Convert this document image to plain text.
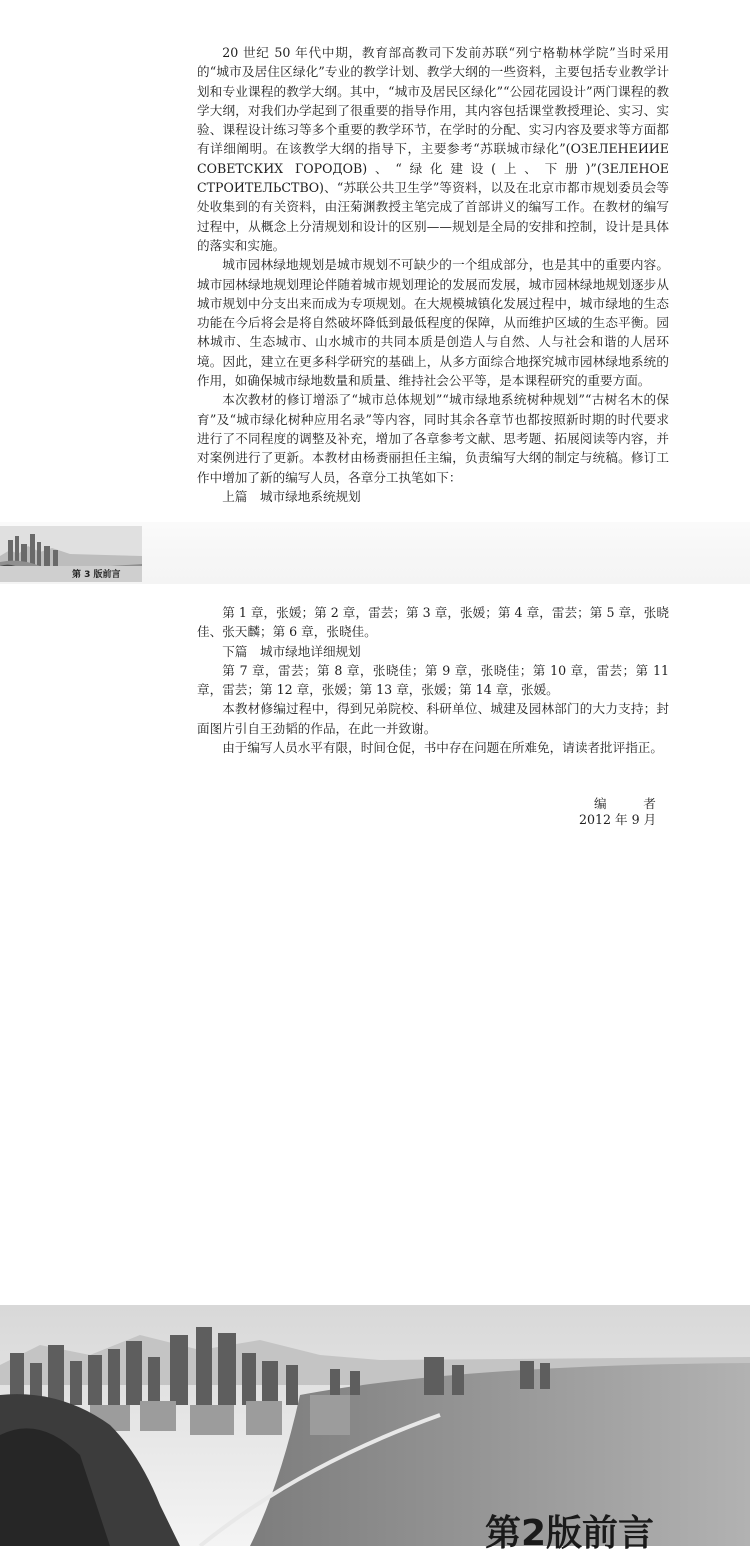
20 世纪 50 年代中期，教育部高教司下发前苏联“列宁格勒林学院”当时采用的“城市及居住区绿化”专业的教学计划、教学大纲的一些资料，主要包括专业教学计划和专业课程的教学大纲。其中，“城市及居民区绿化”“公园花园设计”两门课程的教学大纲，对我们办学起到了很重要的指导作用，其内容包括课堂教授理论、实习、实验、课程设计练习等多个重要的教学环节，在学时的分配、实习内容及要求等方面都有详细阐明。在该教学大纲的指导下，主要参考“苏联城市绿化”(ОЗЕЛЕНЕИИЕ СОВЕТСКИХ ГОРОДОВ)、“绿化建设(上、下册)”(ЗЕЛЕНОЕ СТРОИТЕЛЬСТВО)、“苏联公共卫生学”等资料，以及在北京市都市规划委员会等处收集到的有关资料，由汪菊渊教授主笔完成了首部讲义的编写工作。在教材的编写过程中，从概念上分清规划和设计的区别——规划是全局的安排和控制，设计是具体的落实和实施。

城市园林绿地规划是城市规划不可缺少的一个组成部分，也是其中的重要内容。城市园林绿地规划理论伴随着城市规划理论的发展而发展，城市园林绿地规划逐步从城市规划中分支出来而成为专项规划。在大规模城镇化发展过程中，城市绿地的生态功能在今后将会是将自然破坏降低到最低程度的保障，从而维护区域的生态平衡。园林城市、生态城市、山水城市的共同本质是创造人与自然、人与社会和谐的人居环境。因此，建立在更多科学研究的基础上，从多方面综合地探究城市园林绿地系统的作用，如确保城市绿地数量和质量、维持社会公平等，是本课程研究的重要方面。

本次教材的修订增添了“城市总体规划”“城市绿地系统树种规划”“古树名木的保育”及“城市绿化树种应用名录”等内容，同时其余各章节也都按照新时期的时代要求进行了不同程度的调整及补充，增加了各章参考文献、思考题、拓展阅读等内容，并对案例进行了更新。本教材由杨赉丽担任主编，负责编写大纲的制定与统稿。修订工作中增加了新的编写人员，各章分工执笔如下：

上篇　城市绿地系统规划

第 3 版前言

第 1 章，张媛；第 2 章，雷芸；第 3 章，张媛；第 4 章，雷芸；第 5 章，张晓佳、张天麟；第 6 章，张晓佳。

下篇　城市绿地详细规划

第 7 章，雷芸；第 8 章，张晓佳；第 9 章，张晓佳；第 10 章，雷芸；第 11 章，雷芸；第 12 章，张媛；第 13 章，张媛；第 14 章，张媛。

本教材修编过程中，得到兄弟院校、科研单位、城建及园林部门的大力支持；封面图片引自王劲韬的作品，在此一并致谢。

由于编写人员水平有限，时间仓促，书中存在问题在所难免，请读者批评指正。

编　者
2012 年 9 月
第2版前言
